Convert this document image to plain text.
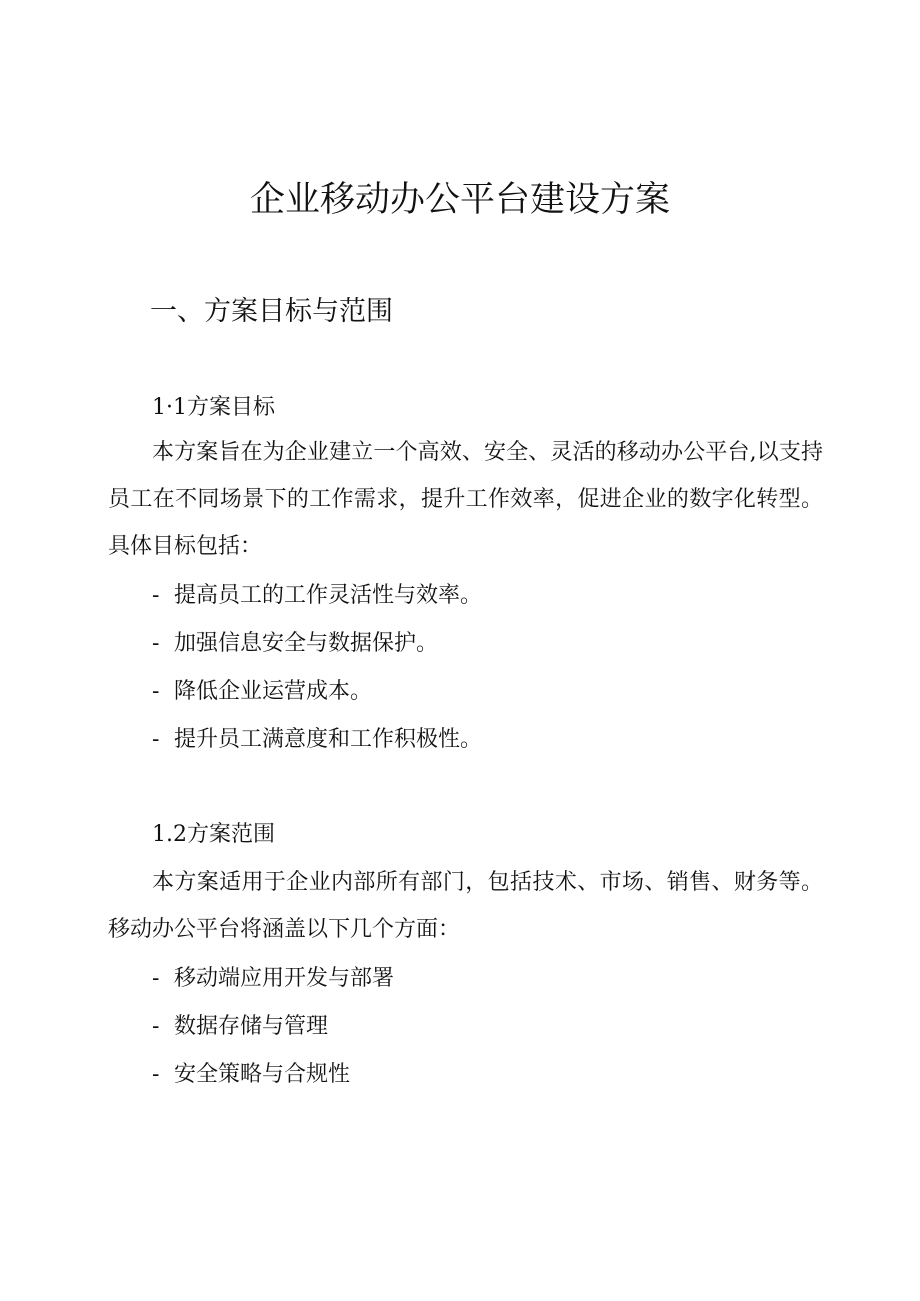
企业移动办公平台建设方案
一、方案目标与范围
1·1方案目标

本方案旨在为企业建立一个高效、安全、灵活的移动办公平台,以支持员工在不同场景下的工作需求，提升工作效率，促进企业的数字化转型。具体目标包括：

- 提高员工的工作灵活性与效率。
- 加强信息安全与数据保护。
- 降低企业运营成本。
- 提升员工满意度和工作积极性。
1.2方案范围

本方案适用于企业内部所有部门，包括技术、市场、销售、财务等。移动办公平台将涵盖以下几个方面：

- 移动端应用开发与部署
- 数据存储与管理
- 安全策略与合规性
